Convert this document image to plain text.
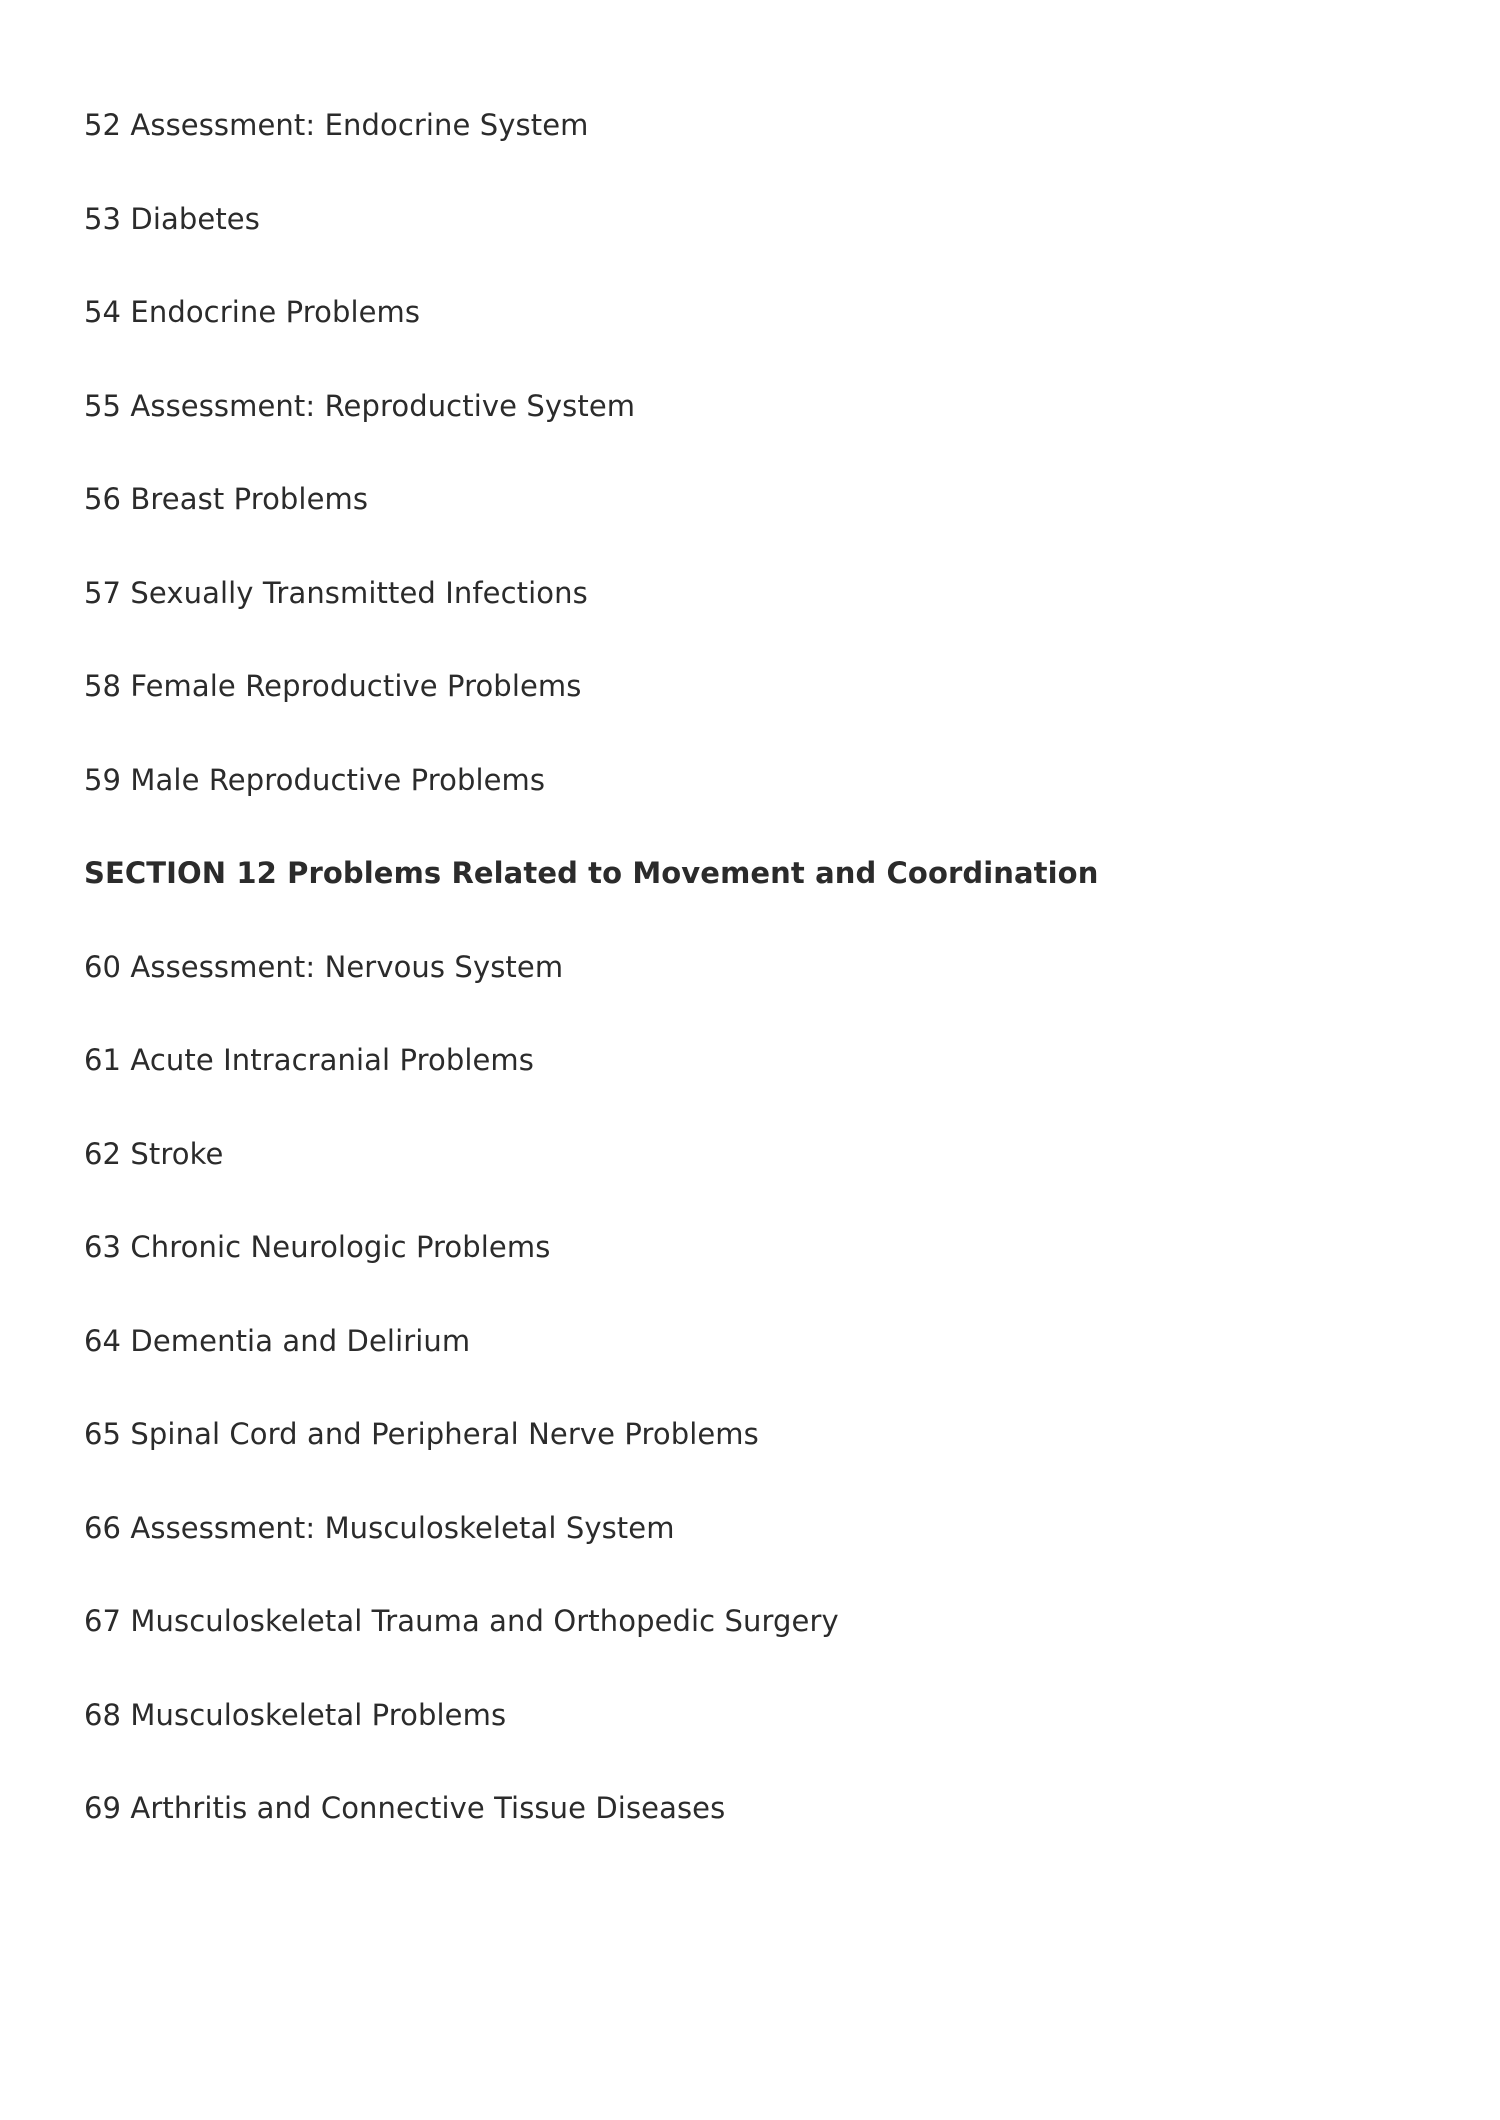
52 Assessment: Endocrine System
53 Diabetes
54 Endocrine Problems
55 Assessment: Reproductive System
56 Breast Problems
57 Sexually Transmitted Infections
58 Female Reproductive Problems
59 Male Reproductive Problems
SECTION 12 Problems Related to Movement and Coordination
60 Assessment: Nervous System
61 Acute Intracranial Problems
62 Stroke
63 Chronic Neurologic Problems
64 Dementia and Delirium
65 Spinal Cord and Peripheral Nerve Problems
66 Assessment: Musculoskeletal System
67 Musculoskeletal Trauma and Orthopedic Surgery
68 Musculoskeletal Problems
69 Arthritis and Connective Tissue Diseases
